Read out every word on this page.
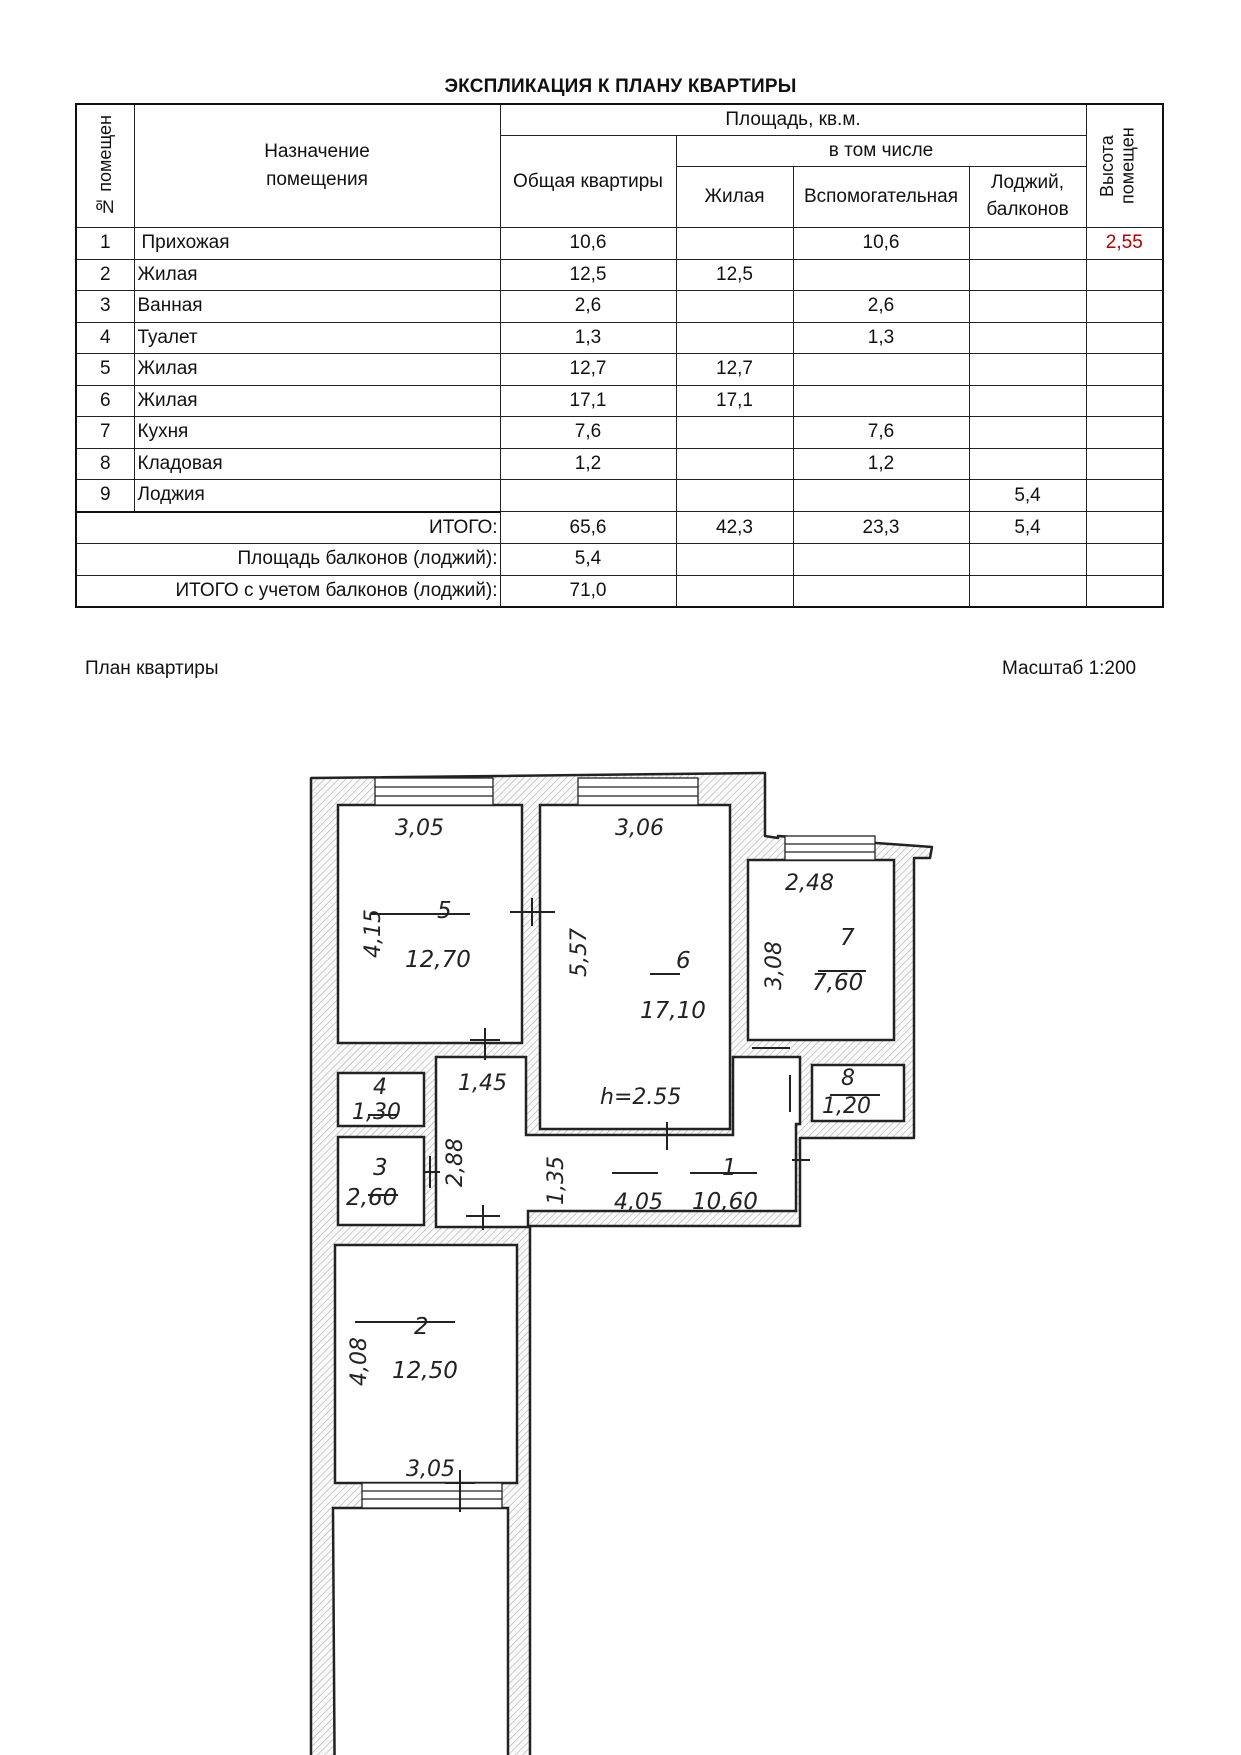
ЭКСПЛИКАЦИЯ К ПЛАНУ КВАРТИРЫ
№ помещен	Назначение помещения	Площадь, кв.м.				Высота помещен

		Общая квартиры	в том числе			
			Жилая	Вспомогательная	Лоджий, балконов	

1	Прихожая	10,6		10,6		2,55
2	Жилая	12,5	12,5			
3	Ванная	2,6		2,6		
4	Туалет	1,3		1,3		
5	Жилая	12,7	12,7			
6	Жилая	17,1	17,1			
7	Кухня	7,6		7,6		
8	Кладовая	1,2		1,2		
9	Лоджия				5,4	
ИТОГО:		65,6	42,3	23,3	5,4	
Площадь балконов (лоджий):		5,4				
ИТОГО с учетом балконов (лоджий):		71,0				
План квартиры	Масштаб 1:200
3,05
4,15 5
12,70
3,06
5,57	6
17,10
h=2.55
2,48
3,08
7
7,60
4
1,30
3
2,60
8
1,20
1,45
2,88	1,35 4,05
1
10,60
3,05
4,08
2
12,50
